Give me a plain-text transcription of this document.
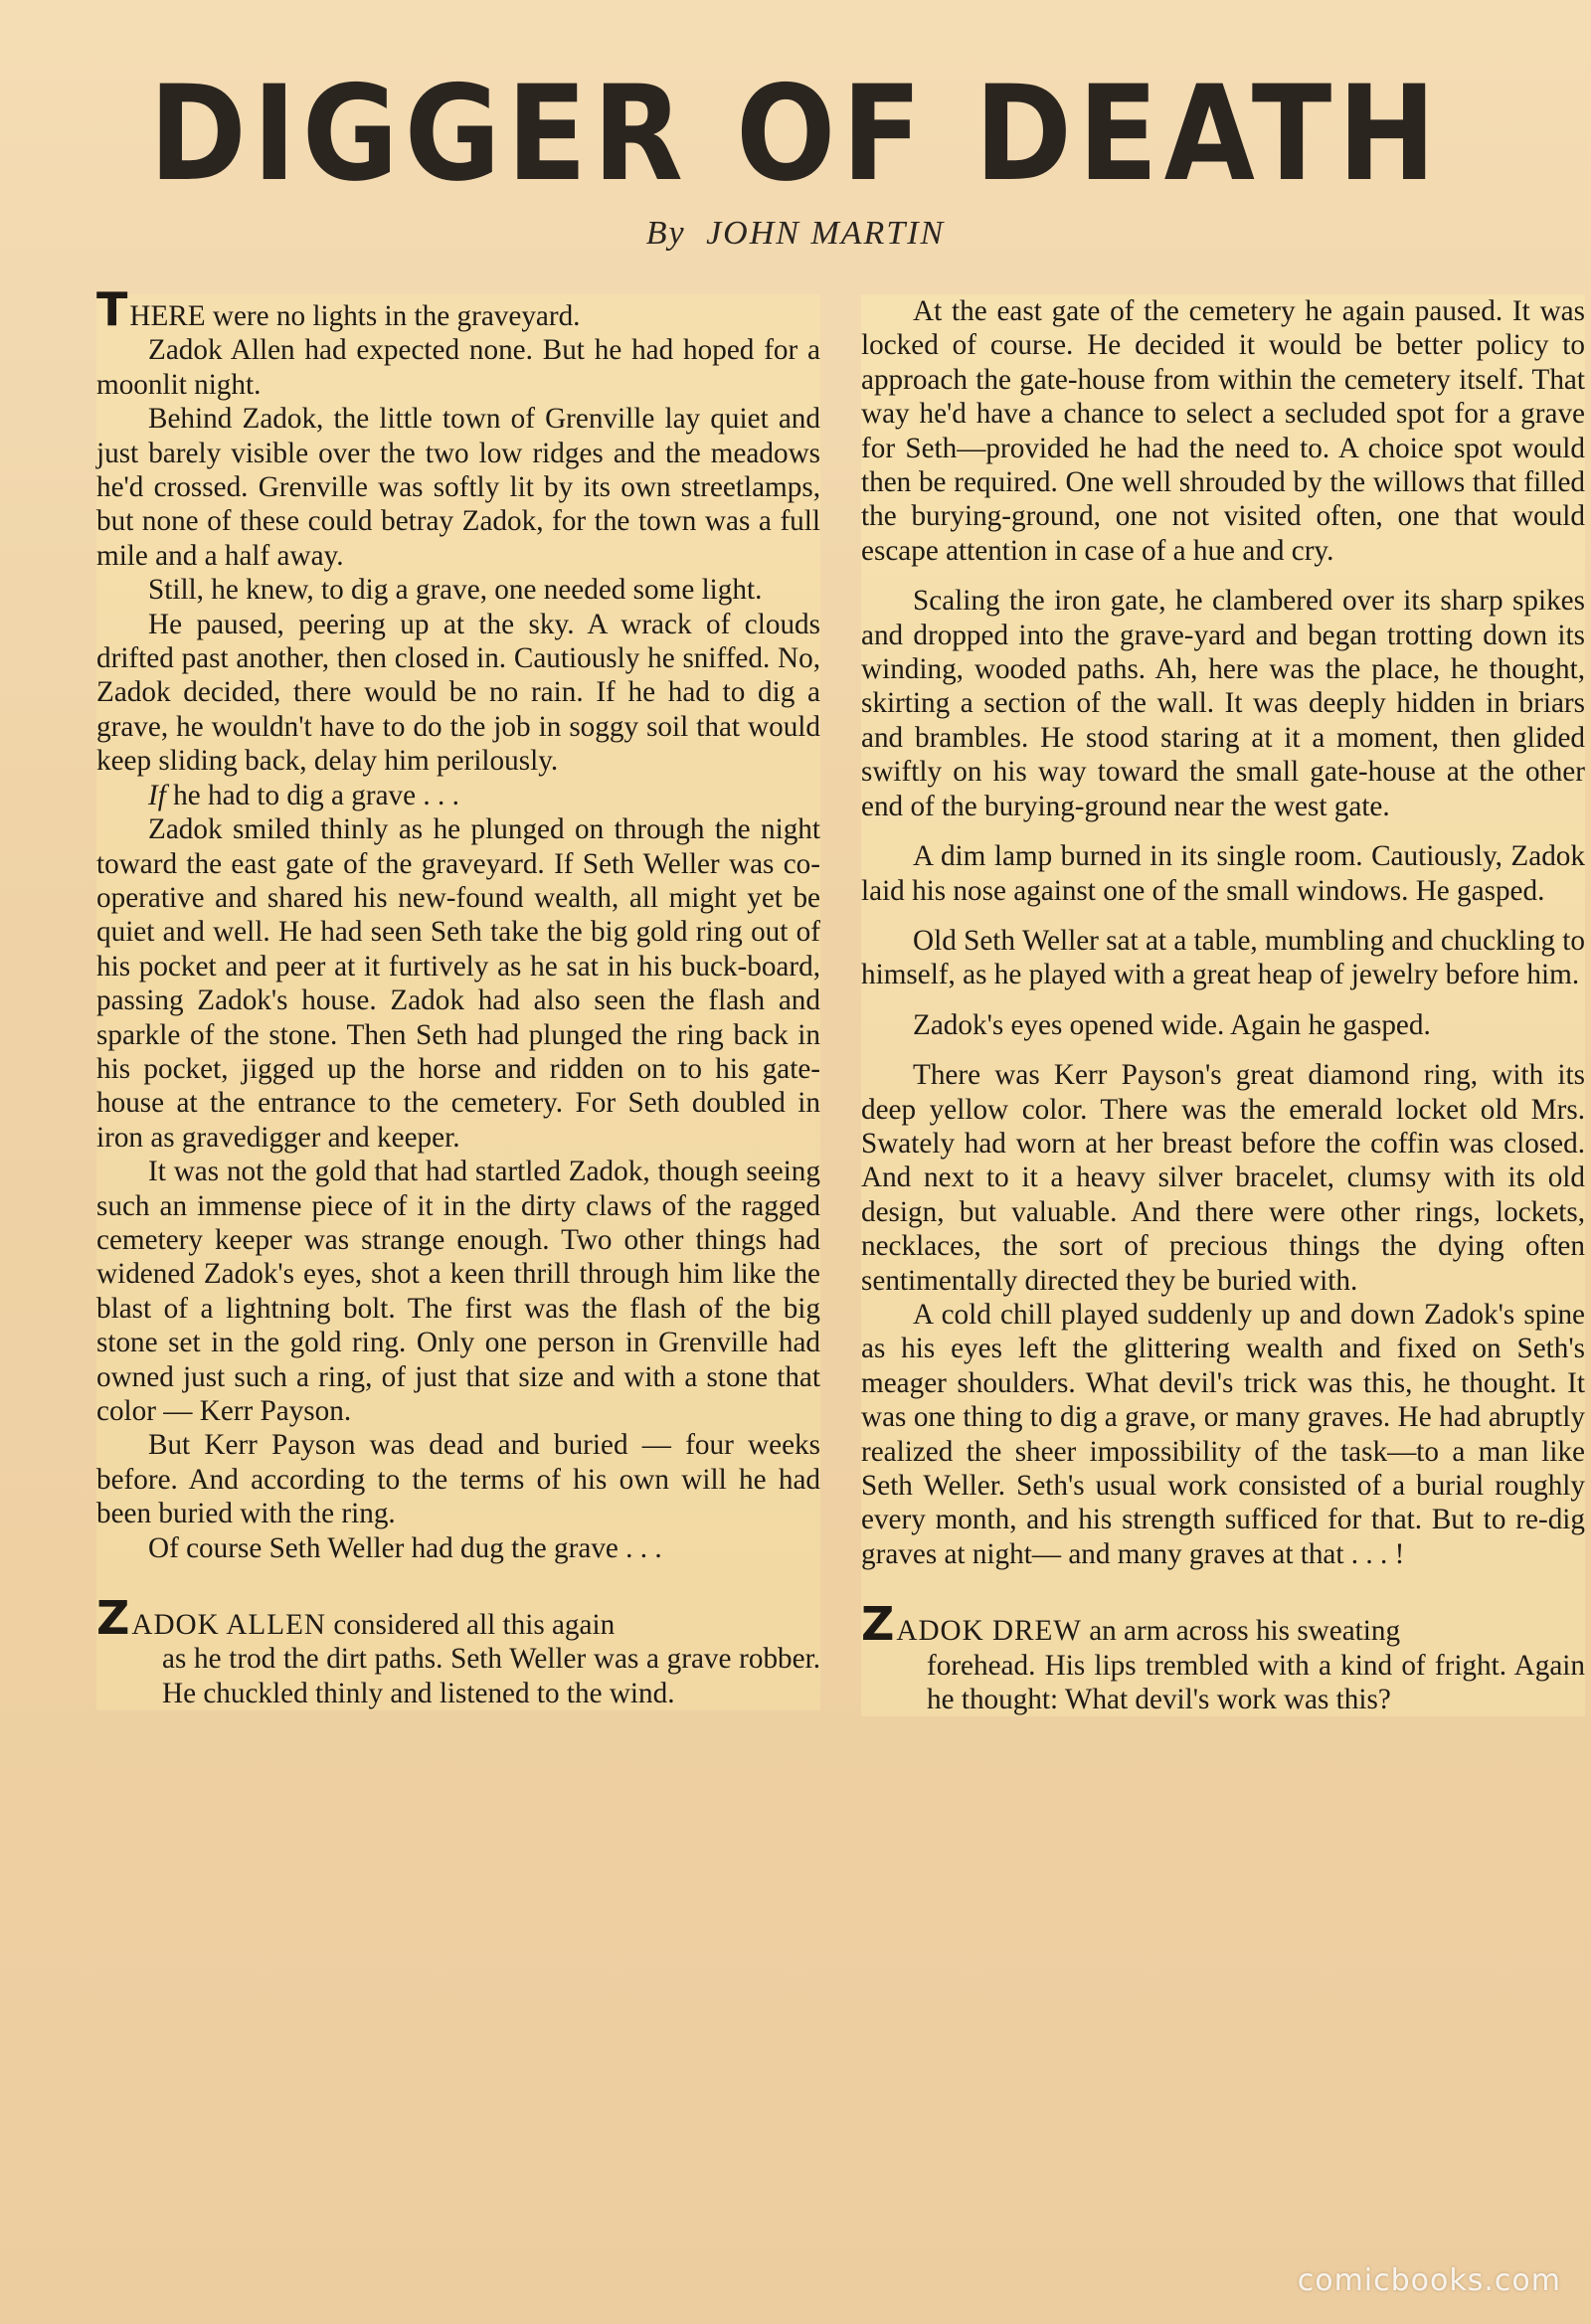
DIGGER OF DEATH
By JOHN MARTIN

THERE were no lights in the graveyard.

Zadok Allen had expected none. But he had hoped for a moonlit night.

Behind Zadok, the little town of Grenville lay quiet and just barely visible over the two low ridges and the meadows he'd crossed. Grenville was softly lit by its own streetlamps, but none of these could betray Zadok, for the town was a full mile and a half away.

Still, he knew, to dig a grave, one needed some light.

He paused, peering up at the sky. A wrack of clouds drifted past another, then closed in. Cautiously he sniffed. No, Zadok decided, there would be no rain. If he had to dig a grave, he wouldn't have to do the job in soggy soil that would keep sliding back, delay him perilously.

If he had to dig a grave . . .

Zadok smiled thinly as he plunged on through the night toward the east gate of the graveyard. If Seth Weller was co-operative and shared his new-found wealth, all might yet be quiet and well. He had seen Seth take the big gold ring out of his pocket and peer at it furtively as he sat in his buck-board, passing Zadok's house. Zadok had also seen the flash and sparkle of the stone. Then Seth had plunged the ring back in his pocket, jigged up the horse and ridden on to his gate-house at the entrance to the cemetery. For Seth doubled in iron as gravedigger and keeper.

It was not the gold that had startled Zadok, though seeing such an immense piece of it in the dirty claws of the ragged cemetery keeper was strange enough. Two other things had widened Zadok's eyes, shot a keen thrill through him like the blast of a lightning bolt. The first was the flash of the big stone set in the gold ring. Only one person in Grenville had owned just such a ring, of just that size and with a stone that color — Kerr Payson.

But Kerr Payson was dead and buried — four weeks before. And according to the terms of his own will he had been buried with the ring.

Of course Seth Weller had dug the grave . . .

ZADOK ALLEN considered all this again
as he trod the dirt paths. Seth Weller was a grave robber. He chuckled thinly and listened to the wind.

At the east gate of the cemetery he again paused. It was locked of course. He decided it would be better policy to approach the gate-house from within the cemetery itself. That way he'd have a chance to select a secluded spot for a grave for Seth—provided he had the need to. A choice spot would then be required. One well shrouded by the willows that filled the burying-ground, one not visited often, one that would escape attention in case of a hue and cry.

Scaling the iron gate, he clambered over its sharp spikes and dropped into the grave-yard and began trotting down its winding, wooded paths. Ah, here was the place, he thought, skirting a section of the wall. It was deeply hidden in briars and brambles. He stood staring at it a moment, then glided swiftly on his way toward the small gate-house at the other end of the burying-ground near the west gate.

A dim lamp burned in its single room. Cautiously, Zadok laid his nose against one of the small windows. He gasped.

Old Seth Weller sat at a table, mumbling and chuckling to himself, as he played with a great heap of jewelry before him.

Zadok's eyes opened wide. Again he gasped.

There was Kerr Payson's great diamond ring, with its deep yellow color. There was the emerald locket old Mrs. Swately had worn at her breast before the coffin was closed. And next to it a heavy silver bracelet, clumsy with its old design, but valuable. And there were other rings, lockets, necklaces, the sort of precious things the dying often sentimentally directed they be buried with.

A cold chill played suddenly up and down Zadok's spine as his eyes left the glittering wealth and fixed on Seth's meager shoulders. What devil's trick was this, he thought. It was one thing to dig a grave, or many graves. He had abruptly realized the sheer impossibility of the task—to a man like Seth Weller. Seth's usual work consisted of a burial roughly every month, and his strength sufficed for that. But to re-dig graves at night— and many graves at that . . . !

ZADOK DREW an arm across his sweating
forehead. His lips trembled with a kind of fright. Again he thought: What devil's work was this?

comicbooks.com
